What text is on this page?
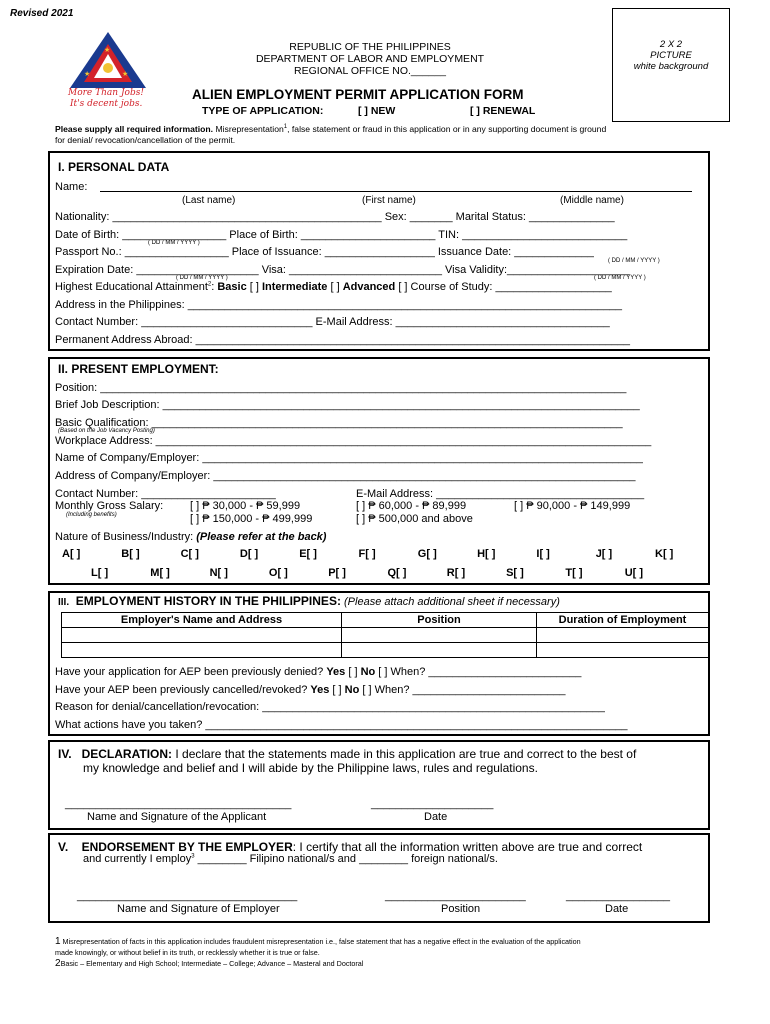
Revised 2021
★	★
★
More Than Jobs!
It's decent jobs.
REPUBLIC OF THE PHILIPPINES
DEPARTMENT OF LABOR AND EMPLOYMENT
REGIONAL OFFICE NO.______
2 X 2
PICTURE
white background
ALIEN EMPLOYMENT PERMIT APPLICATION FORM
TYPE OF APPLICATION:	[ ] NEW	[ ] RENEWAL
Please supply all required information. Misrepresentation$^1$, false statement or fraud in this application or in any supporting document is ground
for denial/ revocation/cancellation of the permit.
I. PERSONAL DATA
Name:
(Last name)	(First name)	(Middle name)
Nationality: ____________________________________________ Sex: _______ Marital Status: ______________
Date of Birth: _________________ Place of Birth: ______________________ TIN: ___________________________
( DD / MM / YYYY )
Passport No.: _________________ Place of Issuance: __________________ Issuance Date: _____________
( DD / MM / YYYY )
Expiration Date: ____________________ Visa: _________________________ Visa Validity:____________________
( DD / MM / YYYY )	( DD / MM / YYYY )
Highest Educational Attainment$^2$: Basic [ ] Intermediate [ ] Advanced [ ] Course of Study: ___________________
Address in the Philippines: _______________________________________________________________________
Contact Number: ____________________________ E-Mail Address: ___________________________________
Permanent Address Abroad: _______________________________________________________________________
II. PRESENT EMPLOYMENT:
Position: ______________________________________________________________________________________
Brief Job Description: ______________________________________________________________________________
Basic Qualification: _____________________________________________________________________________
(Based on the Job Vacancy Posting)
Workplace Address: _________________________________________________________________________________
Name of Company/Employer: ________________________________________________________________________
Address of Company/Employer: _____________________________________________________________________
Contact Number: ______________________	E-Mail Address: __________________________________
Monthly Gross Salary:
(Including benefits)
[ ] ₱ 30,000 - ₱ 59,999	[ ] ₱ 60,000 - ₱ 89,999	[ ] ₱ 90,000 - ₱ 149,999
[ ] ₱ 150,000 - ₱ 499,999	[ ] ₱ 500,000 and above
Nature of Business/Industry: (Please refer at the back)
A[ ]	B[ ]	C[ ]	D[ ]	E[ ]	F[ ]	G[ ]	H[ ]	I[ ]	J[ ]	K[ ]
L[ ]	M[ ]	N[ ]	O[ ]	P[ ]	Q[ ]	R[ ]	S[ ]	T[ ]	U[ ]
III. EMPLOYMENT HISTORY IN THE PHILIPPINES: (Please attach additional sheet if necessary)
Employer's Name and Address	Position	Duration of Employment

Have your application for AEP been previously denied? Yes [ ] No [ ] When? _________________________
Have your AEP been previously cancelled/revoked? Yes [ ] No [ ] When? _________________________
Reason for denial/cancellation/revocation: ________________________________________________________
What actions have you taken? _____________________________________________________________________
IV. DECLARATION: I declare that the statements made in this application are true and correct to the best of
my knowledge and belief and I will abide by the Philippine laws, rules and regulations.
_____________________________________	____________________
Name and Signature of the Applicant	Date
V. ENDORSEMENT BY THE EMPLOYER: I certify that all the information written above are true and correct
and currently I employ$^3$ ________ Filipino national/s and ________ foreign national/s.
____________________________________	_______________________	_________________
Name and Signature of Employer	Position	Date
1 Misrepresentation of facts in this application includes fraudulent misrepresentation i.e., false statement that has a negative effect in the evaluation of the application
made knowingly, or without belief in its truth, or recklessly whether it is true or false.
2Basic – Elementary and High School; Intermediate – College; Advance – Masteral and Doctoral
